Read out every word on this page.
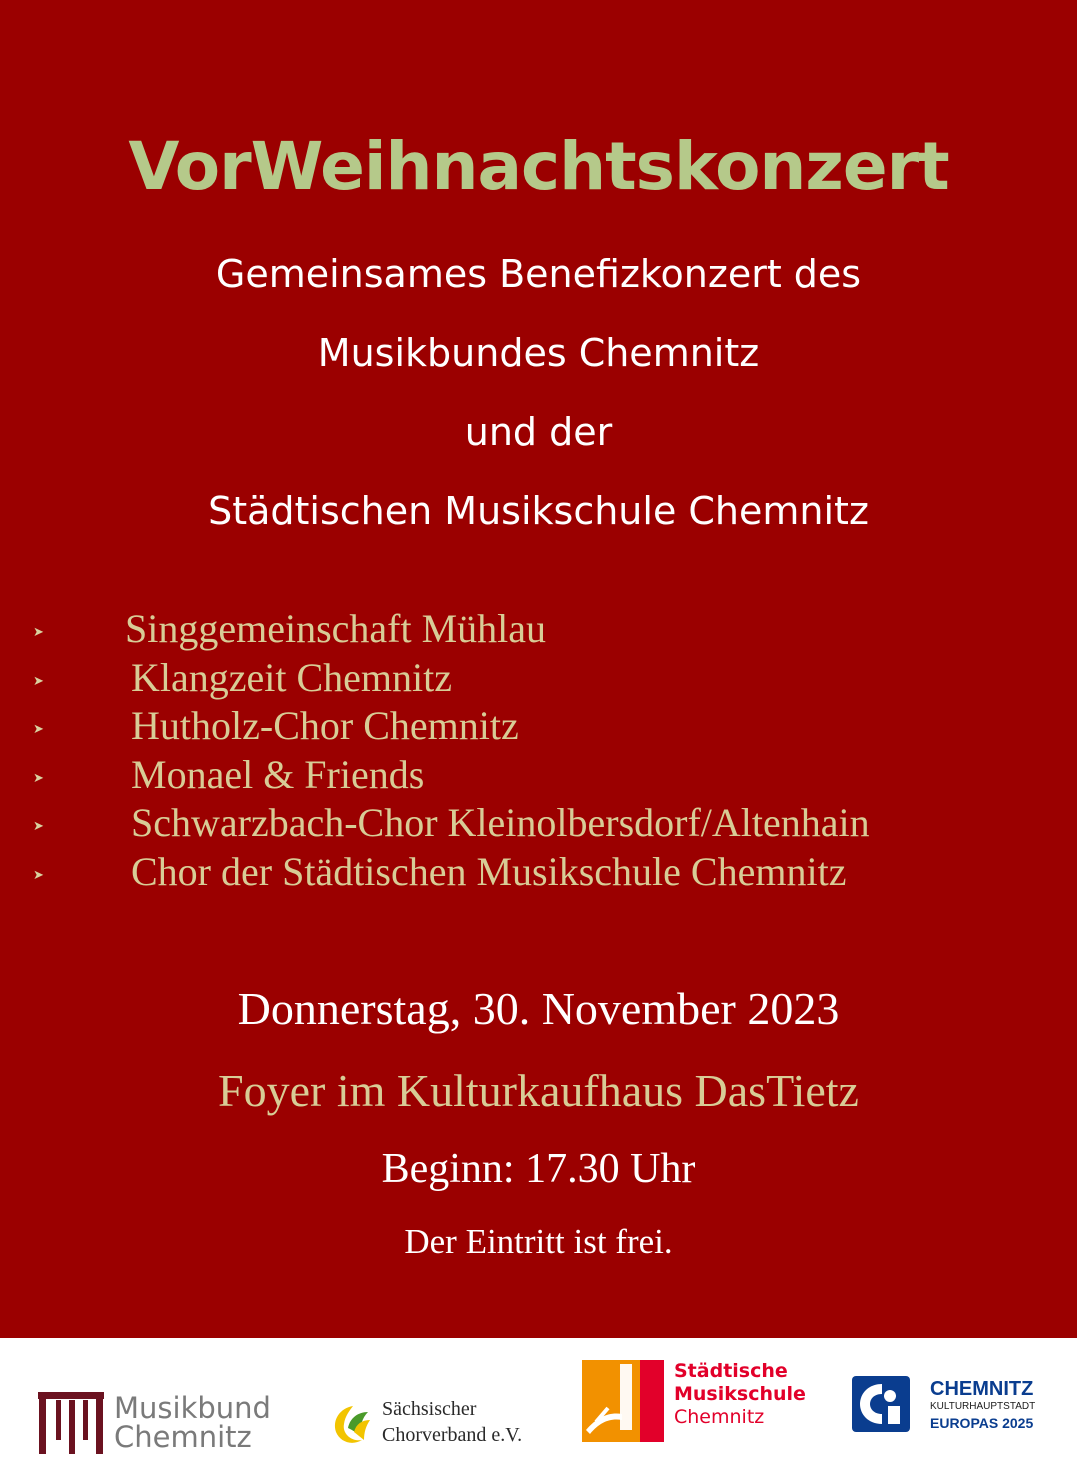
VorWeihnachtskonzert

Gemeinsames Benefizkonzert des

Musikbundes Chemnitz

und der

Städtischen Musikschule Chemnitz

➤ Singgemeinschaft Mühlau
➤ Klangzeit Chemnitz
➤ Hutholz-Chor Chemnitz
➤ Monael & Friends
➤ Schwarzbach-Chor Kleinolbersdorf/Altenhain
➤ Chor der Städtischen Musikschule Chemnitz

Donnerstag, 30. November 2023

Foyer im Kulturkaufhaus DasTietz

Beginn: 17.30 Uhr

Der Eintritt ist frei.

Musikbund
Chemnitz
Sächsischer
Chorverband e.V.
Städtische
Musikschule
Chemnitz
CHEMNITZ
KULTURHAUPTSTADT
EUROPAS 2025
